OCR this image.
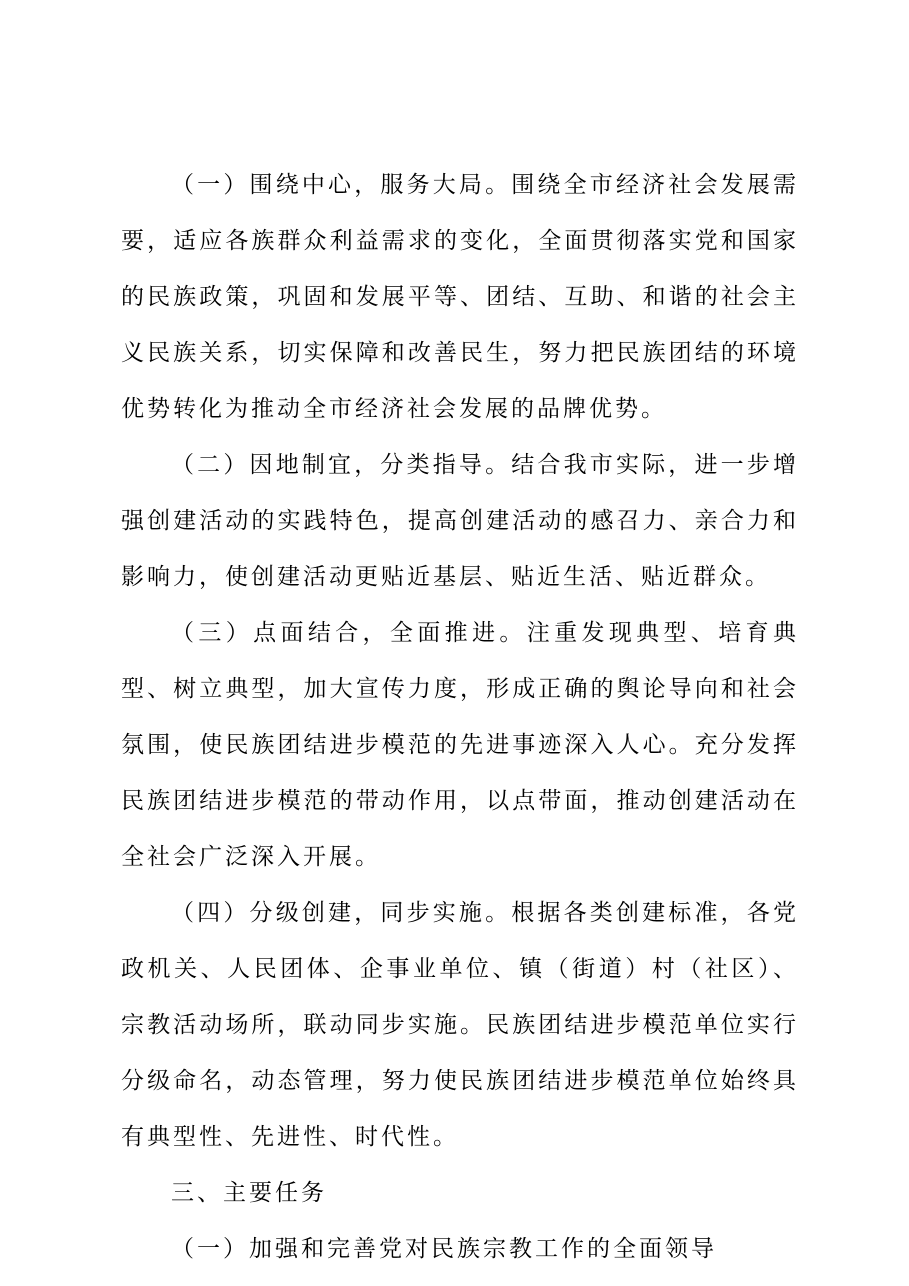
（一）围绕中心，服务大局。围绕全市经济社会发展需要，适应各族群众利益需求的变化，全面贯彻落实党和国家的民族政策，巩固和发展平等、团结、互助、和谐的社会主义民族关系，切实保障和改善民生，努力把民族团结的环境优势转化为推动全市经济社会发展的品牌优势。

（二）因地制宜，分类指导。结合我市实际，进一步增强创建活动的实践特色，提高创建活动的感召力、亲合力和影响力，使创建活动更贴近基层、贴近生活、贴近群众。

（三）点面结合，全面推进。注重发现典型、培育典型、树立典型，加大宣传力度，形成正确的舆论导向和社会氛围，使民族团结进步模范的先进事迹深入人心。充分发挥民族团结进步模范的带动作用，以点带面，推动创建活动在全社会广泛深入开展。

（四）分级创建，同步实施。根据各类创建标准，各党政机关、人民团体、企事业单位、镇（街道）村（社区）、宗教活动场所，联动同步实施。民族团结进步模范单位实行分级命名，动态管理，努力使民族团结进步模范单位始终具有典型性、先进性、时代性。

三、主要任务

（一）加强和完善党对民族宗教工作的全面领导
